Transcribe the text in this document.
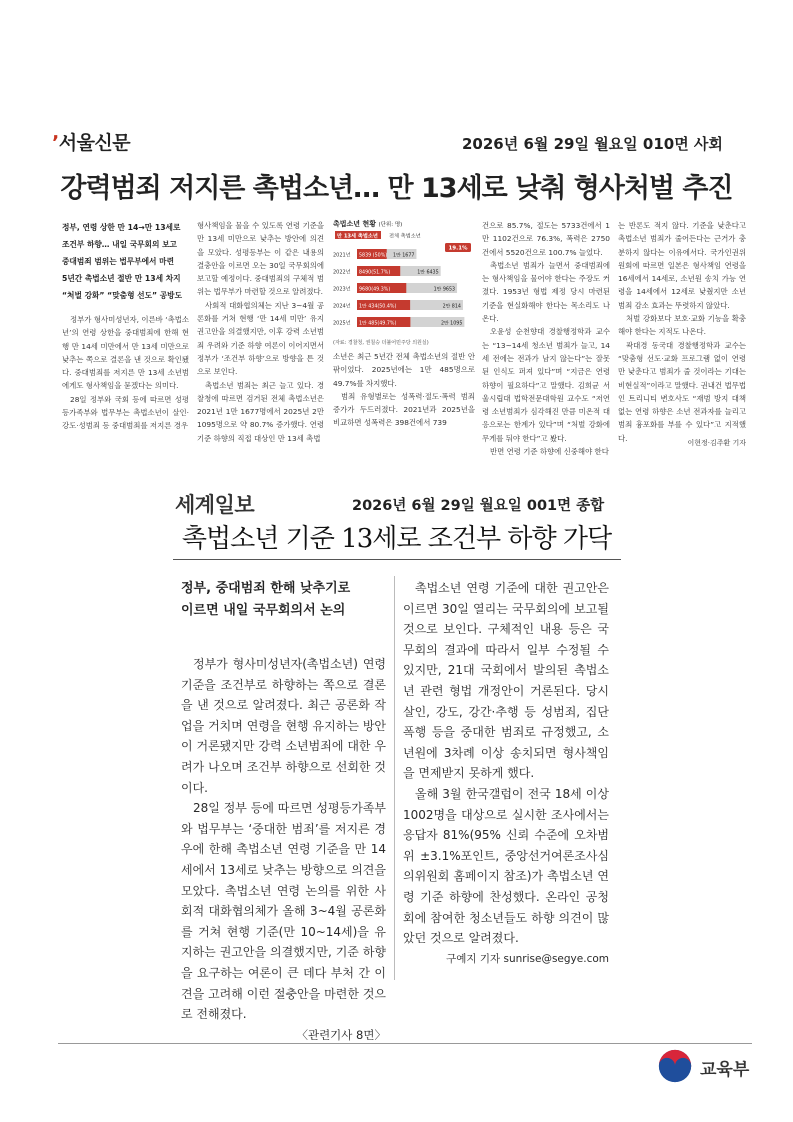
ʼ서울신문	2026년 6월 29일 월요일 010면 사회
강력범죄 저지른 촉법소년… 만 13세로 낮춰 형사처벌 추진
정부, 연령 상한 만 14→만 13세로
조건부 하향… 내일 국무회의 보고
중대범죄 범위는 법무부에서 마련
5년간 촉법소년 절반 만 13세 차지
“처벌 강화” “맞춤형 선도” 공방도

정부가 형사미성년자, 이른바 ‘촉법소년’의 연령 상한을 중대범죄에 한해 현행 만 14세 미만에서 만 13세 미만으로 낮추는 쪽으로 결론을 낸 것으로 확인됐다. 중대범죄를 저지른 만 13세 소년범에게도 형사책임을 묻겠다는 의미다.

28일 정부와 국회 등에 따르면 성평등가족부와 법무부는 촉법소년이 살인·강도·성범죄 등 중대범죄를 저지른 경우

형사책임을 물을 수 있도록 연령 기준을 만 13세 미만으로 낮추는 방안에 의견을 모았다. 성평등부는 이 같은 내용의 결충안을 이르면 오는 30일 국무회의에 보고할 예정이다. 중대범죄의 구체적 범위는 법무부가 마련할 것으로 알려졌다.

사회적 대화협의체는 지난 3~4월 공론화를 거쳐 현행 ‘만 14세 미만’ 유지 권고안을 의결했지만, 이후 강력 소년범죄 우려와 기준 하향 여론이 이어지면서 정부가 ‘조건부 하향’으로 방향을 튼 것으로 보인다.

촉법소년 범죄는 최근 늘고 있다. 경찰청에 따르면 검거된 전체 촉법소년은 2021년 1만 1677명에서 2025년 2만 1095명으로 약 80.7% 증가했다. 연령 기준 하향의 직접 대상인 만 13세 촉법

촉법소년 현황 (단위: 명)
만 13세 촉법소년 전체 촉법소년
2021년 5839 (50%) 1만 1677
2022년 8490(51.7%)	1만 6435
2023년 9680(49.3%)	1만 9653
2024년 1만 434(50.4%)	2만 814
2025년 1만 485(49.7%)	2만 1095
19.1%
(자료: 경찰청, 권칠승 더불어민주당 의원실)

소년은 최근 5년간 전체 촉법소년의 절반 안팎이었다. 2025년에는 1만 485명으로 49.7%를 차지했다.

범죄 유형별로는 성폭력·절도·폭력 범죄 증가가 두드러졌다. 2021년과 2025년을 비교하면 성폭력은 398건에서 739

건으로 85.7%, 절도는 5733건에서 1만 1102건으로 76.3%, 폭력은 2750건에서 5520건으로 100.7% 늘었다.

촉법소년 범죄가 늘면서 중대범죄에는 형사책임을 물어야 한다는 주장도 커졌다. 1953년 형법 제정 당시 마련된 기준을 현실화해야 한다는 목소리도 나온다.

오윤성 순천향대 경찰행정학과 교수는 “13~14세 청소년 범죄가 늘고, 14세 전에는 전과가 남지 않는다”는 잘못된 인식도 퍼져 있다”며 “지금은 연령 하향이 필요하다”고 말했다. 김희균 서울시립대 법학전문대학원 교수도 “저연령 소년범죄가 심각해진 만큼 미온적 대응으로는 한계가 있다”며 “처벌 강화에 무게를 둬야 한다”고 봤다.

반면 연령 기준 하향에 신중해야 한다

는 반론도 적지 않다. 기준을 낮춘다고 촉법소년 범죄가 줄어든다는 근거가 충분하지 않다는 이유에서다. 국가인권위원회에 따르면 일본은 형사책임 연령을 16세에서 14세로, 소년원 송치 가능 연령을 14세에서 12세로 낮췄지만 소년범죄 감소 효과는 뚜렷하지 않았다.

처벌 강화보다 보호·교화 기능을 확충해야 한다는 지적도 나온다.

곽대경 동국대 경찰행정학과 교수는 “맞춤형 선도·교화 프로그램 없이 연령만 낮춘다고 범죄가 줄 것이라는 기대는 비현실적”이라고 말했다. 권내건 법무법인 트리니티 변호사도 “재범 방지 대책 없는 연령 하향은 소년 전과자를 늘리고 범죄 흉포화를 부를 수 있다”고 지적했다.

이현정·김주환 기자
세계일보	2026년 6월 29일 월요일 001면 종합
촉법소년 기준 13세로 조건부 하향 가닥
정부, 중대범죄 한해 낮추기로
이르면 내일 국무회의서 논의

정부가 형사미성년자(촉법소년) 연령 기준을 조건부로 하향하는 쪽으로 결론을 낸 것으로 알려졌다. 최근 공론화 작업을 거치며 연령을 현행 유지하는 방안이 거론됐지만 강력 소년범죄에 대한 우려가 나오며 조건부 하향으로 선회한 것이다.

28일 정부 등에 따르면 성평등가족부와 법무부는 ‘중대한 범죄’를 저지른 경우에 한해 촉법소년 연령 기준을 만 14세에서 13세로 낮추는 방향으로 의견을 모았다. 촉법소년 연령 논의를 위한 사회적 대화협의체가 올해 3~4월 공론화를 거쳐 현행 기준(만 10~14세)을 유지하는 권고안을 의결했지만, 기준 하향을 요구하는 여론이 큰 데다 부처 간 이견을 고려해 이런 절충안을 마련한 것으로 전해졌다.

〈관련기사 8면〉

촉법소년 연령 기준에 대한 권고안은 이르면 30일 열리는 국무회의에 보고될 것으로 보인다. 구체적인 내용 등은 국무회의 결과에 따라서 일부 수정될 수 있지만, 21대 국회에서 발의된 촉법소년 관련 형법 개정안이 거론된다. 당시 살인, 강도, 강간·추행 등 성범죄, 집단폭행 등을 중대한 범죄로 규정했고, 소년원에 3차례 이상 송치되면 형사책임을 면제받지 못하게 했다.

올해 3월 한국갤럽이 전국 18세 이상 1002명을 대상으로 실시한 조사에서는 응답자 81%(95% 신뢰 수준에 오차범위 ±3.1%포인트, 중앙선거여론조사심의위원회 홈페이지 참조)가 촉법소년 연령 기준 하향에 찬성했다. 온라인 공청회에 참여한 청소년들도 하향 의견이 많았던 것으로 알려졌다.

구예지 기자 sunrise@segye.com
교육부
